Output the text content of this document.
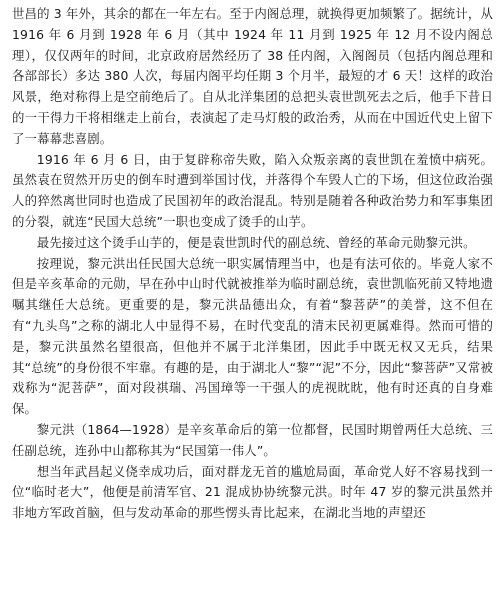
世昌的 3 年外，其余的都在一年左右。至于内阁总理，就换得更加频繁了。据统计，从 1916 年 6 月到 1928 年 6 月（其中 1924 年 11 月到 1925 年 12 月不设内阁总理），仅仅两年的时间，北京政府居然经历了 38 任内阁，入阁阁员（包括内阁总理和各部部长）多达 380 人次，每届内阁平均任期 3 个月半，最短的才 6 天！这样的政治风景，绝对称得上是空前绝后了。自从北洋集团的总把头袁世凯死去之后，他手下昔日的一干得力干将相继走上前台，表演起了走马灯般的政治秀，从而在中国近代史上留下了一幕幕悲喜剧。

1916 年 6 月 6 日，由于复辟称帝失败，陷入众叛亲离的袁世凯在羞愤中病死。虽然袁在贸然开历史的倒车时遭到举国讨伐，并落得个车毁人亡的下场，但这位政治强人的猝然离世同时也造成了民国初年的政治混乱。特别是随着各种政治势力和军事集团的分裂，就连“民国大总统”一职也变成了烫手的山芋。

最先接过这个烫手山芋的，便是袁世凯时代的副总统、曾经的革命元勋黎元洪。

按理说，黎元洪出任民国大总统一职实属情理当中，也是有法可依的。毕竟人家不但是辛亥革命的元勋，早在孙中山时代就被推举为临时副总统，袁世凯临死前又特地遗嘱其继任大总统。更重要的是，黎元洪品德出众，有着“黎菩萨”的美誉，这不但在有“九头鸟”之称的湖北人中显得不易，在时代变乱的清末民初更属难得。然而可惜的是，黎元洪虽然名望很高，但他并不属于北洋集团，因此手中既无权又无兵，结果其“总统”的身份很不牢靠。有趣的是，由于湖北人“黎”“泥”不分，因此“黎菩萨”又常被戏称为“泥菩萨”，面对段祺瑞、冯国璋等一干强人的虎视眈眈，他有时还真的自身难保。

黎元洪（1864—1928）是辛亥革命后的第一位都督，民国时期曾两任大总统、三任副总统，连孙中山都称其为“民国第一伟人”。

想当年武昌起义侥幸成功后，面对群龙无首的尴尬局面，革命党人好不容易找到一位“临时老大”，他便是前清军官、21 混成协协统黎元洪。时年 47 岁的黎元洪虽然并非地方军政首脑，但与发动革命的那些愣头青比起来，在湖北当地的声望还
